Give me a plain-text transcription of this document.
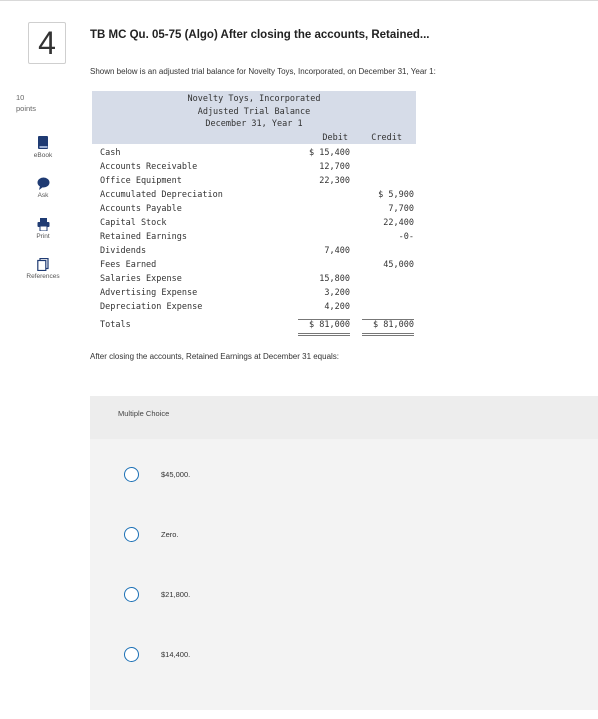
4
10
points
eBook
Ask
Print
References
TB MC Qu. 05-75 (Algo) After closing the accounts, Retained...
Shown below is an adjusted trial balance for Novelty Toys, Incorporated, on December 31, Year 1:
Novelty Toys, Incorporated
Adjusted Trial Balance
December 31, Year 1
Debit	Credit
Cash
Accounts Receivable
Office Equipment
Accumulated Depreciation
Accounts Payable
Capital Stock
Retained Earnings
Dividends
Fees Earned
Salaries Expense
Advertising Expense
Depreciation Expense
Totals
$ 15,400
12,700
22,300
7,400
15,800
3,200
4,200
$ 81,000
$ 5,900
7,700
22,400
-0-
45,000
$ 81,000
After closing the accounts, Retained Earnings at December 31 equals:
Multiple Choice
$45,000.
Zero.
$21,800.
$14,400.
